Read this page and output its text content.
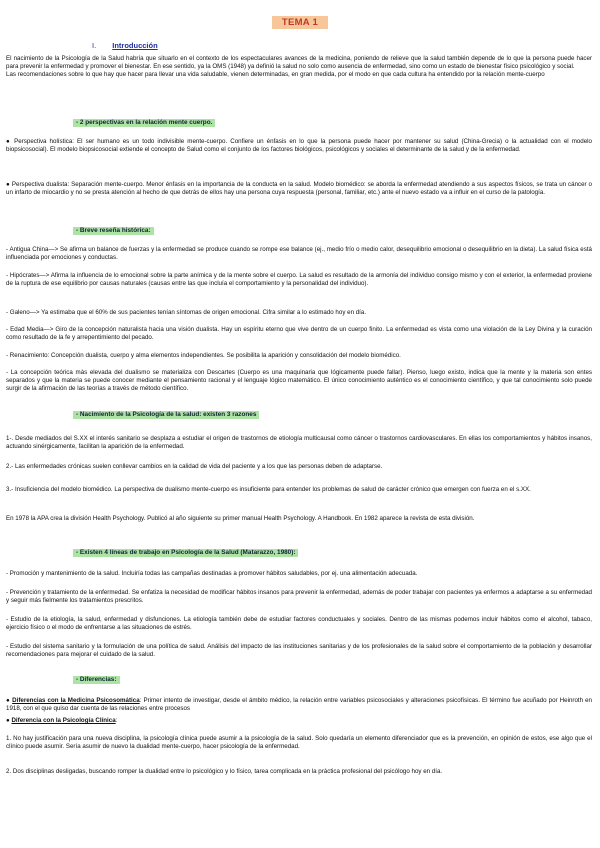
TEMA 1
I. Introducción

El nacimiento de la Psicología de la Salud habría que situarlo en el contexto de los espectaculares avances de la medicina, poniendo de relieve que la salud también depende de lo que la persona puede hacer para prevenir la enfermedad y promover el bienestar. En ese sentido, ya la OMS (1948) ya definió la salud no solo como ausencia de enfermedad, sino como un estado de bienestar físico psicológico y social.

Las recomendaciones sobre lo que hay que hacer para llevar una vida saludable, vienen determinadas, en gran medida, por el modo en que cada cultura ha entendido por la relación mente-cuerpo

- 2 perspectivas en la relación mente cuerpo.
● Perspectiva holística: El ser humano es un todo indivisible mente-cuerpo. Confiere un énfasis en lo que la persona puede hacer por mantener su salud (China-Grecia) o la actualidad con el modelo biopsicosocial). El modelo biopsicosocial extiende el concepto de Salud como el conjunto de los factores biológicos, psicológicos y sociales el determinante de la salud y de la enfermedad.
● Perspectiva dualista: Separación mente-cuerpo. Menor énfasis en la importancia de la conducta en la salud. Modelo biomédico: se aborda la enfermedad atendiendo a sus aspectos físicos, se trata un cáncer o un infarto de miocardio y no se presta atención al hecho de que detrás de ellos hay una persona cuya respuesta (personal, familiar, etc.) ante el nuevo estado va a influir en el curso de la patología.
- Breve reseña histórica:
- Antigua China—> Se afirma un balance de fuerzas y la enfermedad se produce cuando se rompe ese balance (ej., medio frío o medio calor, desequilibrio emocional o desequilibrio en la dieta). La salud física está influenciada por emociones y conductas.
- Hipócrates—> Afirma la influencia de lo emocional sobre la parte anímica y de la mente sobre el cuerpo. La salud es resultado de la armonía del individuo consigo mismo y con el exterior, la enfermedad proviene de la ruptura de ese equilibrio por causas naturales (causas entre las que incluía el comportamiento y la personalidad del individuo).
- Galeno—> Ya estimaba que el 60% de sus pacientes tenían síntomas de origen emocional. Cifra similar a lo estimado hoy en día.
- Edad Media—> Giro de la concepción naturalista hacia una visión dualista. Hay un espíritu eterno que vive dentro de un cuerpo finito. La enfermedad es vista como una violación de la Ley Divina y la curación como resultado de la fe y arrepentimiento del pecado.
- Renacimiento: Concepción dualista, cuerpo y alma elementos independientes. Se posibilita la aparición y consolidación del modelo biomédico.
- La concepción teórica más elevada del dualismo se materializa con Descartes (Cuerpo es una maquinaria que lógicamente puede fallar). Pienso, luego existo, indica que la mente y la materia son entes separados y que la materia se puede conocer mediante el pensamiento racional y el lenguaje lógico matemático. El único conocimiento auténtico es el conocimiento científico, y que tal conocimiento solo puede surgir de la afirmación de las teorías a través de método científico.
- Nacimiento de la Psicología de la salud: existen 3 razones
1-. Desde mediados del S.XX el interés sanitario se desplaza a estudiar el origen de trastornos de etiología multicausal como cáncer o trastornos cardiovasculares. En ellas los comportamientos y hábitos insanos, actuando sinérgicamente, facilitan la aparición de la enfermedad.
2.- Las enfermedades crónicas suelen conllevar cambios en la calidad de vida del paciente y a los que las personas deben de adaptarse.
3.- Insuficiencia del modelo biomédico. La perspectiva de dualismo mente-cuerpo es insuficiente para entender los problemas de salud de carácter crónico que emergen con fuerza en el s.XX.
En 1978 la APA crea la división Health Psychology. Publicó al año siguiente su primer manual Health Psychology. A Handbook. En 1982 aparece la revista de esta división.
- Existen 4 líneas de trabajo en Psicología de la Salud (Matarazzo, 1980):
- Promoción y mantenimiento de la salud. Incluiría todas las campañas destinadas a promover hábitos saludables, por ej. una alimentación adecuada.
- Prevención y tratamiento de la enfermedad. Se enfatiza la necesidad de modificar hábitos insanos para prevenir la enfermedad, además de poder trabajar con pacientes ya enfermos a adaptarse a su enfermedad y seguir más fielmente los tratamientos prescritos.
- Estudio de la etiología, la salud, enfermedad y disfunciones. La etiología también debe de estudiar factores conductuales y sociales. Dentro de las mismas podemos incluir hábitos como el alcohol, tabaco, ejercicio físico o el modo de enfrentarse a las situaciones de estrés.
- Estudio del sistema sanitario y la formulación de una política de salud. Análisis del impacto de las instituciones sanitarias y de los profesionales de la salud sobre el comportamiento de la población y desarrollar recomendaciones para mejorar el cuidado de la salud.
- Diferencias:
● Diferencias con la Medicina Psicosomática: Primer intento de investigar, desde el ámbito médico, la relación entre variables psicosociales y alteraciones psicofísicas. El término fue acuñado por Heinroth en 1918, con el que quiso dar cuenta de las relaciones entre procesos
● Diferencia con la Psicología Clínica:
1. No hay justificación para una nueva disciplina, la psicología clínica puede asumir a la psicología de la salud. Solo quedaría un elemento diferenciador que es la prevención, en opinión de estos, ese algo que el clínico puede asumir. Sería asumir de nuevo la dualidad mente-cuerpo, hacer psicología de la enfermedad.
2. Dos disciplinas desligadas, buscando romper la dualidad entre lo psicológico y lo físico, tarea complicada en la práctica profesional del psicólogo hoy en día.
